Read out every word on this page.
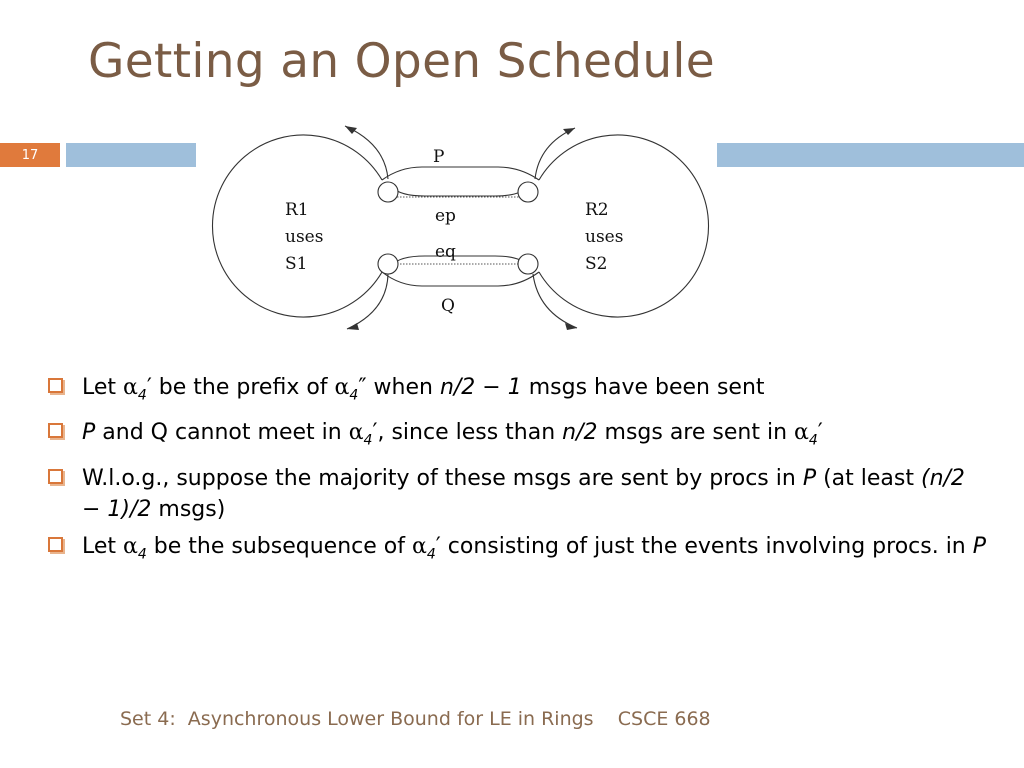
Getting an Open Schedule
17	P
Q
ep
eq
R1
uses
S1
R2
uses
S2
Let $\alpha_4'$ be the prefix of $\alpha_4''$ when n/2 − 1 msgs have been sent
P and Q cannot meet in $\alpha_4'$, since less than n/2 msgs are sent in $\alpha_4'$
W.l.o.g., suppose the majority of these msgs are sent by procs in P (at least (n/2 − 1)/2 msgs)
Let $\alpha_4$ be the subsequence of $\alpha_4'$ consisting of just the events involving procs. in P
Set 4:  Asynchronous Lower Bound for LE in Rings    CSCE 668
